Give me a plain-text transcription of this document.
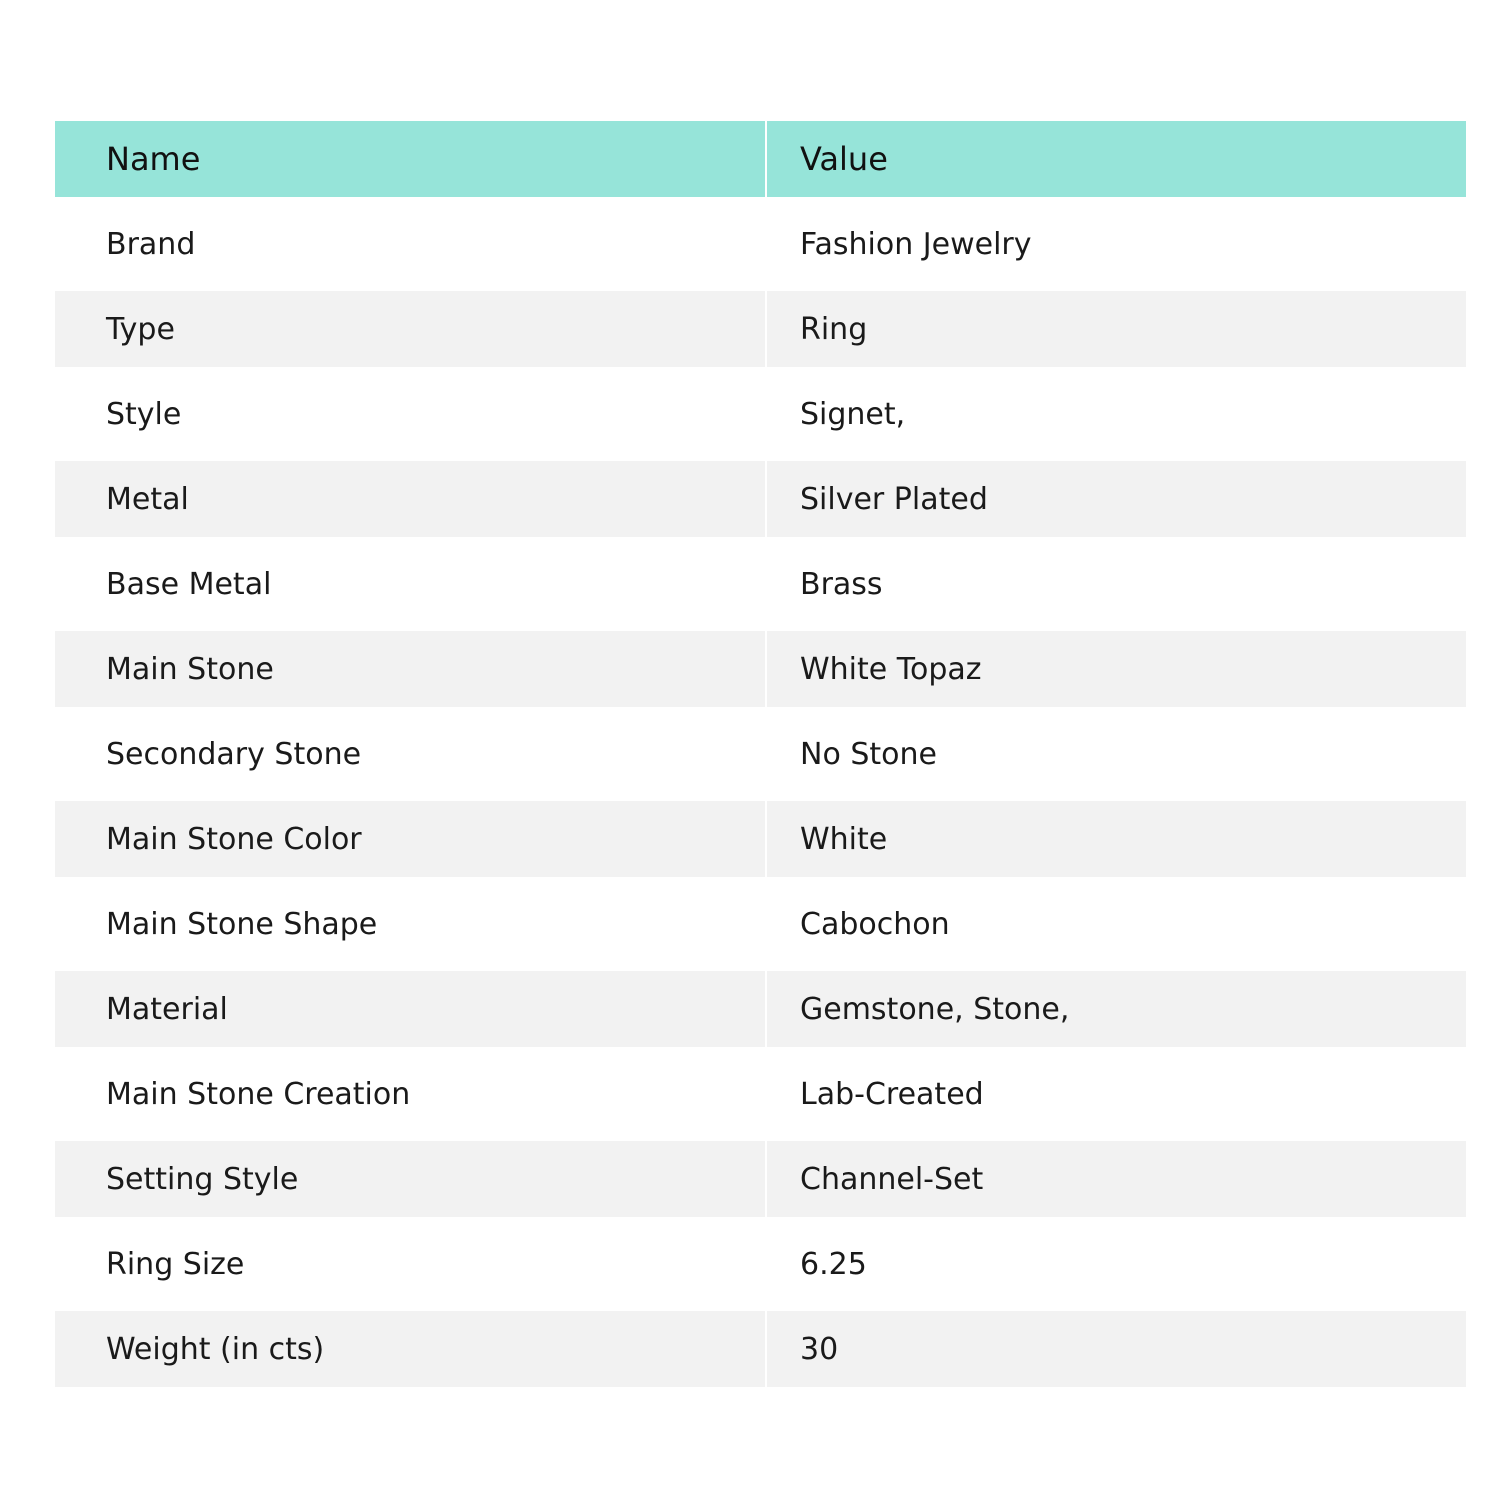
Name	Value
Brand	Fashion Jewelry
Type	Ring
Style	Signet,
Metal	Silver Plated
Base Metal	Brass
Main Stone	White Topaz
Secondary Stone	No Stone
Main Stone Color	White
Main Stone Shape	Cabochon
Material	Gemstone, Stone,
Main Stone Creation	Lab-Created
Setting Style	Channel-Set
Ring Size	6.25
Weight (in cts)	30
